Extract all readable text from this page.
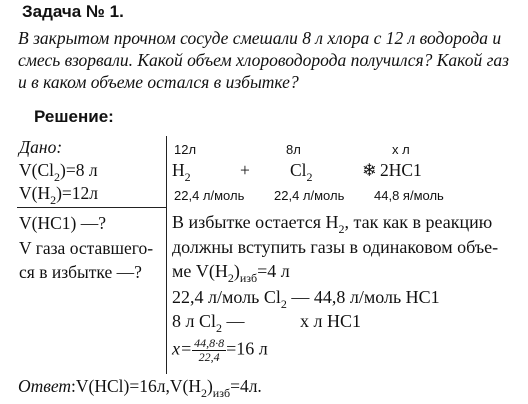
Задача № 1.
В закрытом прочном сосуде смешали 8 л хлора с 12 л водорода и смесь взорвали. Какой объем хлороводорода получился? Какой газ и в каком объеме остался в избытке?
Решение:
Дано:
$V(Cl_2)=8$ л
$V(H_2)=12л$
V(HC1) —?
V газа оставшего-
ся в избытке —?
12л	8л	х л
$H_2$	+ $Cl_2$	❄ 2HC1
22,4 л/моль 22,4 л/моль 44,8 я/моль
В избытке остается $H_2$, так как в реакцию
должны вступить газы в одинаковом объе-
ме $V(H_2)_{изб}=4$ л
22,4 л/моль $Cl_2$ — 44,8 л/моль HC1
8 л $Cl_2$ —	х л HC1
$x= \frac{44,8\cdot 8}{22,4} =16$ л
$Ответ:V(HCl)=16л,V(H_2)_{изб}=4л$.
